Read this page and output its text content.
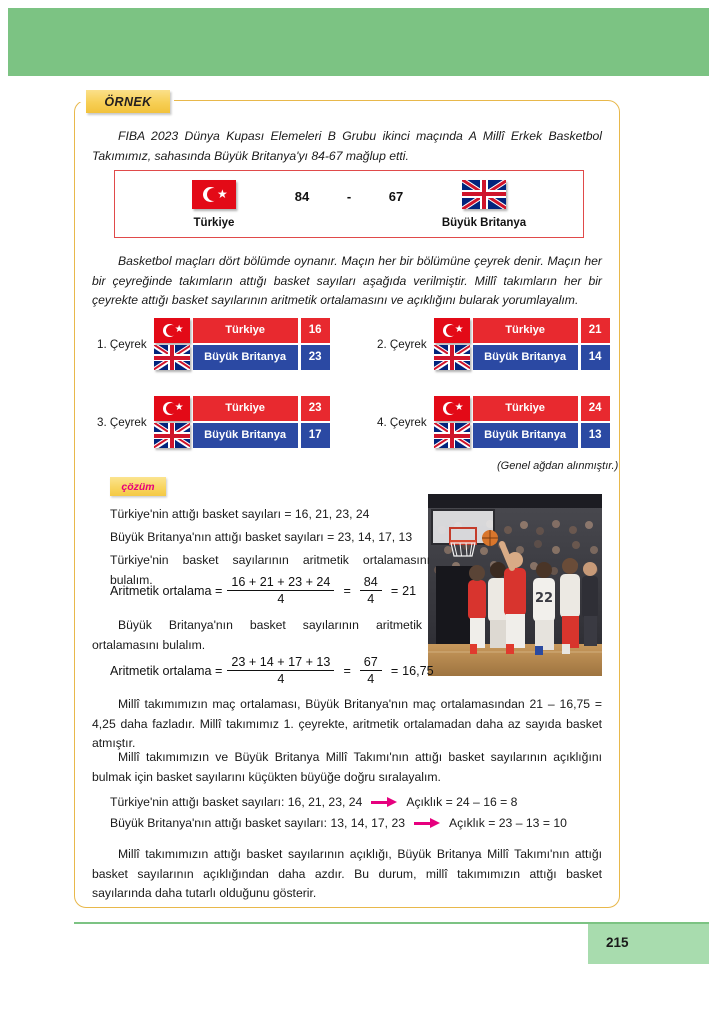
ÖRNEK
FIBA 2023 Dünya Kupası Elemeleri B Grubu ikinci maçında A Millî Erkek Basketbol Takımımız, sahasında Büyük Britanya'yı 84-67 mağlup etti.
★
Türkiye
84	-	67
Büyük Britanya
Basketbol maçları dört bölümde oynanır. Maçın her bir bölümüne çeyrek denir. Maçın her bir çeyreğinde takımların attığı basket sayıları aşağıda verilmiştir. Millî takımların her bir çeyrekte attığı basket sayılarının aritmetik ortalamasını ve açıklığını bularak yorumlayalım.
1. Çeyrek
★	Türkiye	16
Büyük Britanya	23
2. Çeyrek
★	Türkiye	21
Büyük Britanya	14
3. Çeyrek
★	Türkiye	23
Büyük Britanya	17
4. Çeyrek
★	Türkiye	24
Büyük Britanya	13
(Genel ağdan alınmıştır.)
çözüm
22
Türkiye'nin attığı basket sayıları = 16, 21, 23, 24
Büyük Britanya'nın attığı basket sayıları = 23, 14, 17, 13
Türkiye'nin basket sayılarının aritmetik ortalamasını bulalım.
Aritmetik ortalama = $\frac{16 + 21 + 23 + 24}{4} = \frac{84}{4} = 21$
Büyük Britanya'nın basket sayılarının aritmetik ortalamasını bulalım.
Aritmetik ortalama = $\frac{23 + 14 + 17 + 13}{4} = \frac{67}{4} = 16,75$
Millî takımımızın maç ortalaması, Büyük Britanya'nın maç ortalamasından 21 – 16,75 = 4,25 daha fazladır. Millî takımımız 1. çeyrekte, aritmetik ortalamadan daha az sayıda basket atmıştır.
Millî takımımızın ve Büyük Britanya Millî Takımı'nın attığı basket sayılarının açıklığını bulmak için basket sayılarını küçükten büyüğe doğru sıralayalım.
Türkiye'nin attığı basket sayıları: 16, 21, 23, 24	Açıklık = 24 – 16 = 8
Büyük Britanya'nın attığı basket sayıları: 13, 14, 17, 23	Açıklık = 23 – 13 = 10
Millî takımımızın attığı basket sayılarının açıklığı, Büyük Britanya Millî Takımı'nın attığı basket sayılarının açıklığından daha azdır. Bu durum, millî takımımızın attığı basket sayılarında daha tutarlı olduğunu gösterir.
215
